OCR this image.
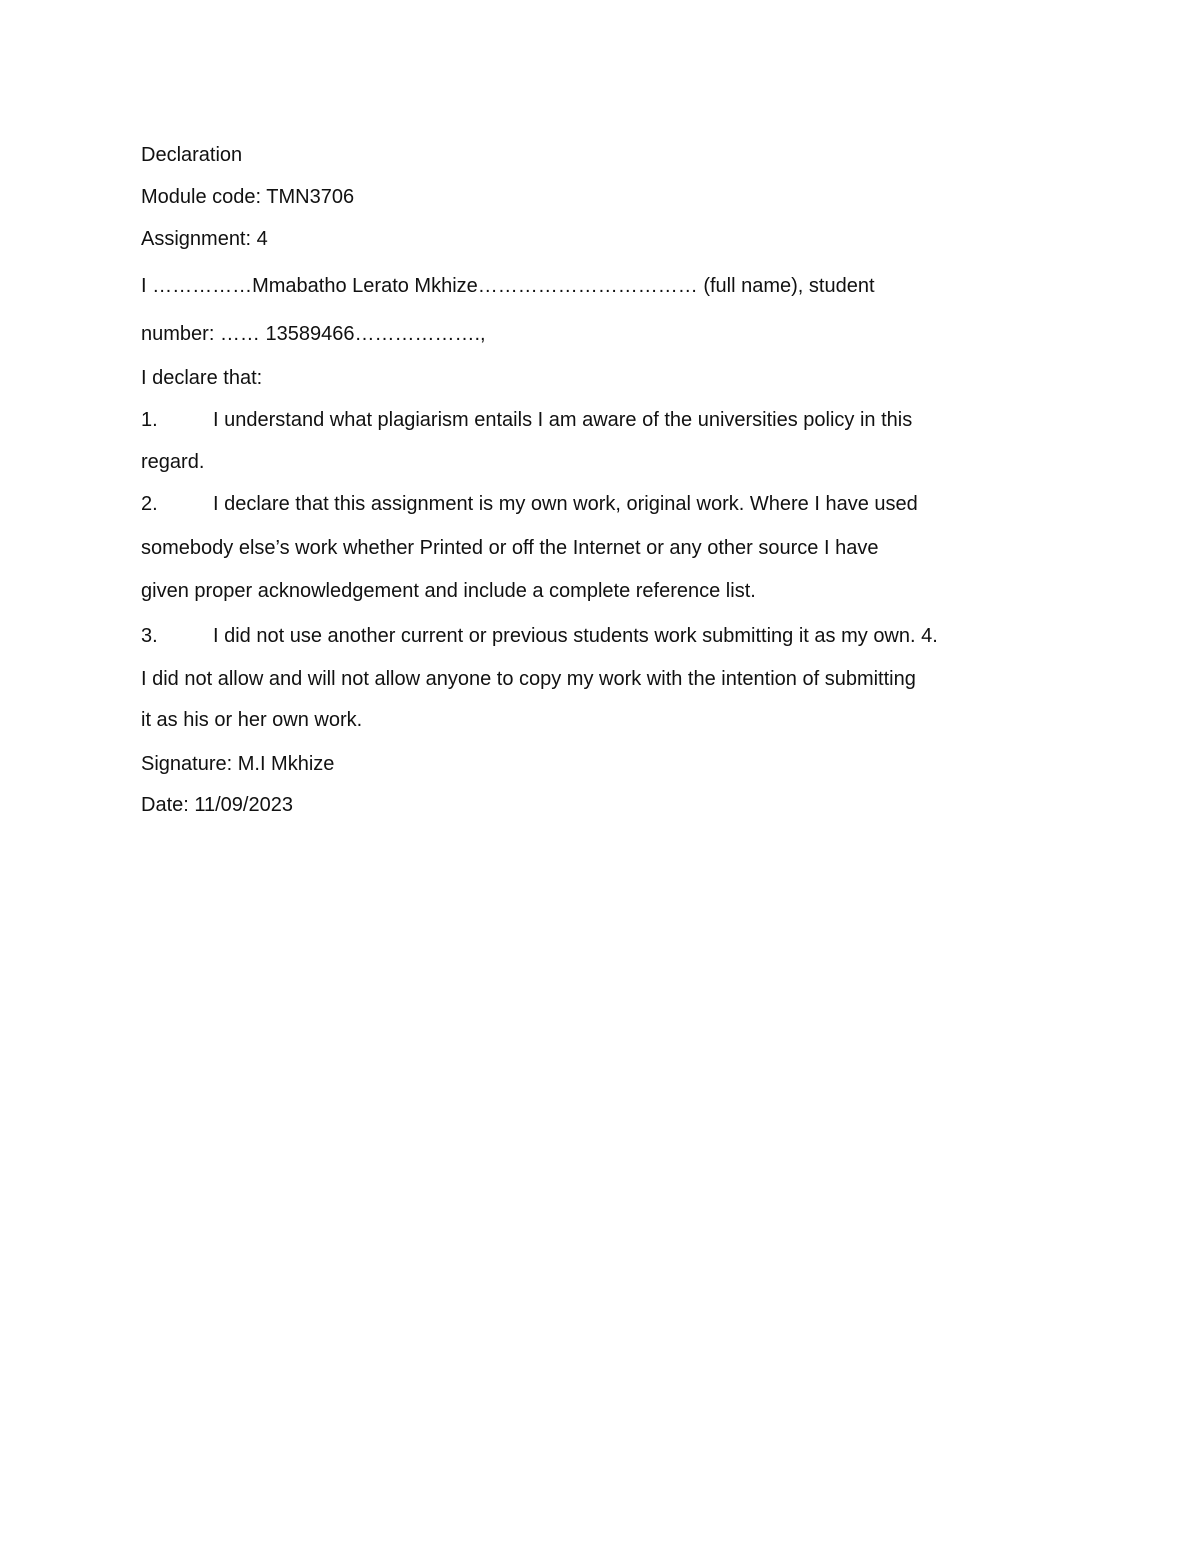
Declaration
Module code: TMN3706
Assignment: 4
I ……………Mmabatho Lerato Mkhize…………………………… (full name), student
number: …… 13589466……………….,
I declare that:
1.	I understand what plagiarism entails I am aware of the universities policy in this
regard.
2.	I declare that this assignment is my own work, original work. Where I have used
somebody else’s work whether Printed or off the Internet or any other source I have
given proper acknowledgement and include a complete reference list.
3.	I did not use another current or previous students work submitting it as my own. 4.
I did not allow and will not allow anyone to copy my work with the intention of submitting
it as his or her own work.
Signature: M.I Mkhize
Date: 11/09/2023
